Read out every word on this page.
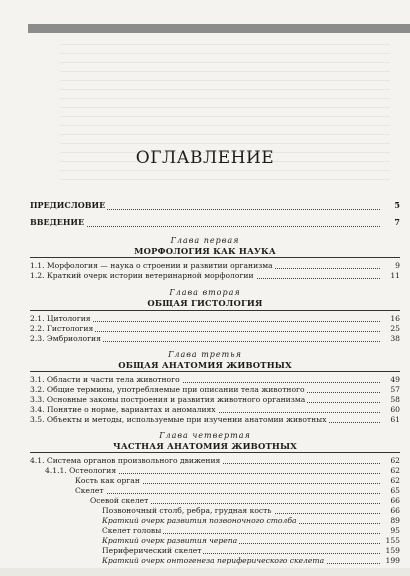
ОГЛАВЛЕНИЕ
ПРЕДИСЛОВИЕ	5
ВВЕДЕНИЕ	7
Глава первая
МОРФОЛОГИЯ КАК НАУКА
1.1. Морфология — наука о строении и развитии организма	9
1.2. Краткий очерк истории ветеринарной морфологии	11
Глава вторая
ОБЩАЯ ГИСТОЛОГИЯ
2.1. Цитология	16
2.2. Гистология	25
2.3. Эмбриология	38
Глава третья
ОБЩАЯ АНАТОМИЯ ЖИВОТНЫХ
3.1. Области и части тела животного	49
3.2. Общие термины, употребляемые при описании тела животного	57
3.3. Основные законы построения и развития животного организма	58
3.4. Понятие о норме, вариантах и аномалиях	60
3.5. Объекты и методы, используемые при изучении анатомии животных	61
Глава четвертая
ЧАСТНАЯ АНАТОМИЯ ЖИВОТНЫХ
4.1. Система органов произвольного движения	62
4.1.1. Остеология	62
Кость как орган	62
Скелет	65
Осевой скелет	66
Позвоночный столб, ребра, грудная кость	66
Краткий очерк развития позвоночного столба	89
Скелет головы	95
Краткий очерк развития черепа	155
Периферический скелет	159
Краткий очерк онтогенеза периферического скелета	199
